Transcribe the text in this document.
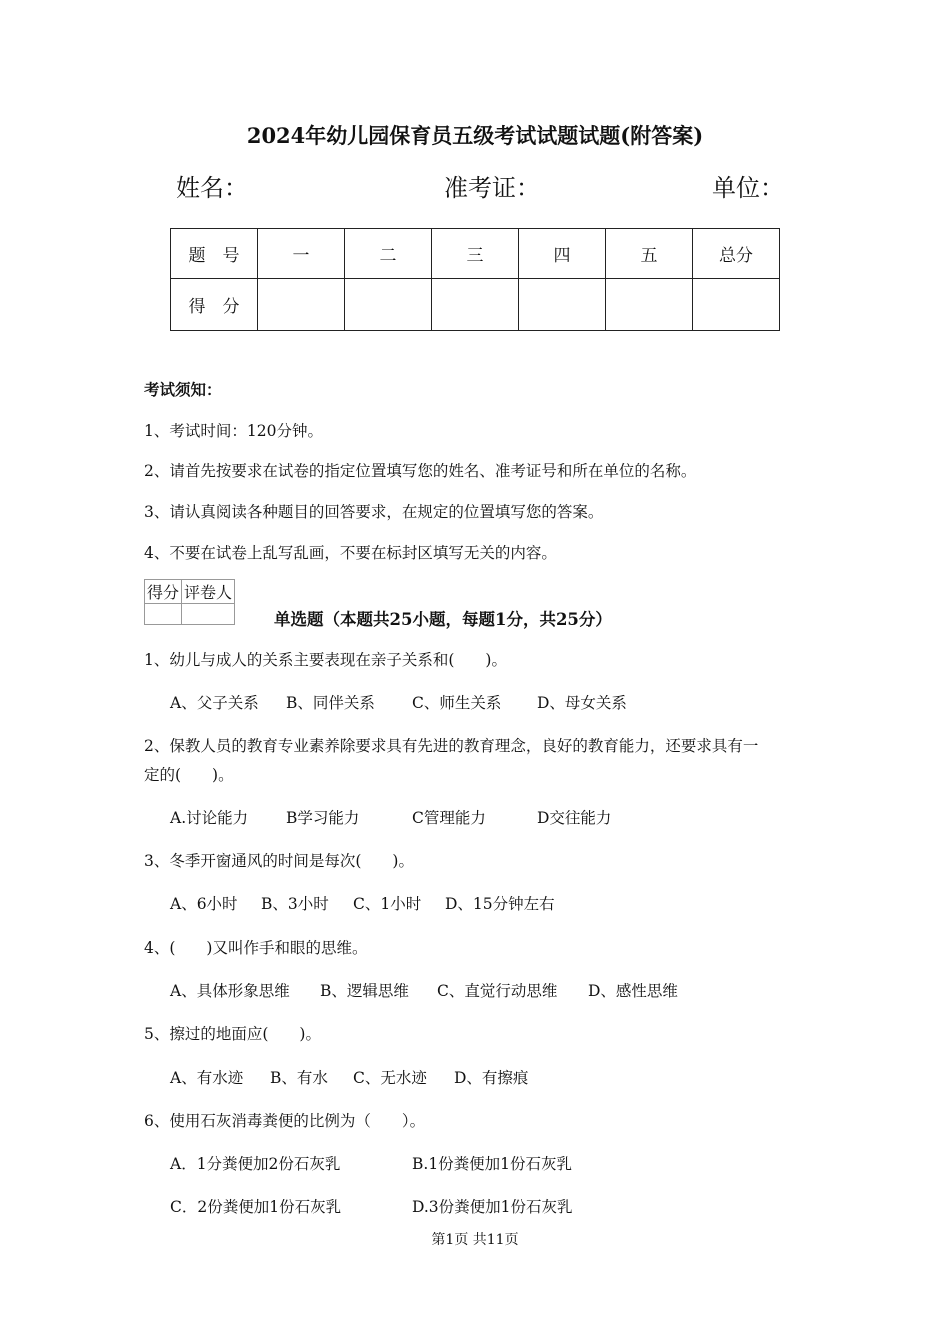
2024年幼儿园保育员五级考试试题试题(附答案)
姓名：	准考证：	单位：
题　号	一	二	三	四	五	总分
得　分						
考试须知：
1、考试时间：120分钟。
2、请首先按要求在试卷的指定位置填写您的姓名、准考证号和所在单位的名称。
3、请认真阅读各种题目的回答要求，在规定的位置填写您的答案。
4、不要在试卷上乱写乱画，不要在标封区填写无关的内容。
得分	评卷人

单选题（本题共25小题，每题1分，共25分）
1、幼儿与成人的关系主要表现在亲子关系和(　　)。
A、父子关系 B、同伴关系 C、师生关系 D、母女关系
2、保教人员的教育专业素养除要求具有先进的教育理念，良好的教育能力，还要求具有一
定的(　　)。
A.讨论能力 B学习能力	C管理能力	D交往能力
3、冬季开窗通风的时间是每次(　　)。
A、6小时 B、3小时 C、1小时 D、15分钟左右
4、(　　)又叫作手和眼的思维。
A、具体形象思维 B、逻辑思维 C、直觉行动思维 D、感性思维
5、擦过的地面应(　　)。
A、有水迹 B、有水 C、无水迹 D、有擦痕
6、使用石灰消毒粪便的比例为（　　）。
A．1分粪便加2份石灰乳	B.1份粪便加1份石灰乳
C．2份粪便加1份石灰乳	D.3份粪便加1份石灰乳
第1页 共11页
